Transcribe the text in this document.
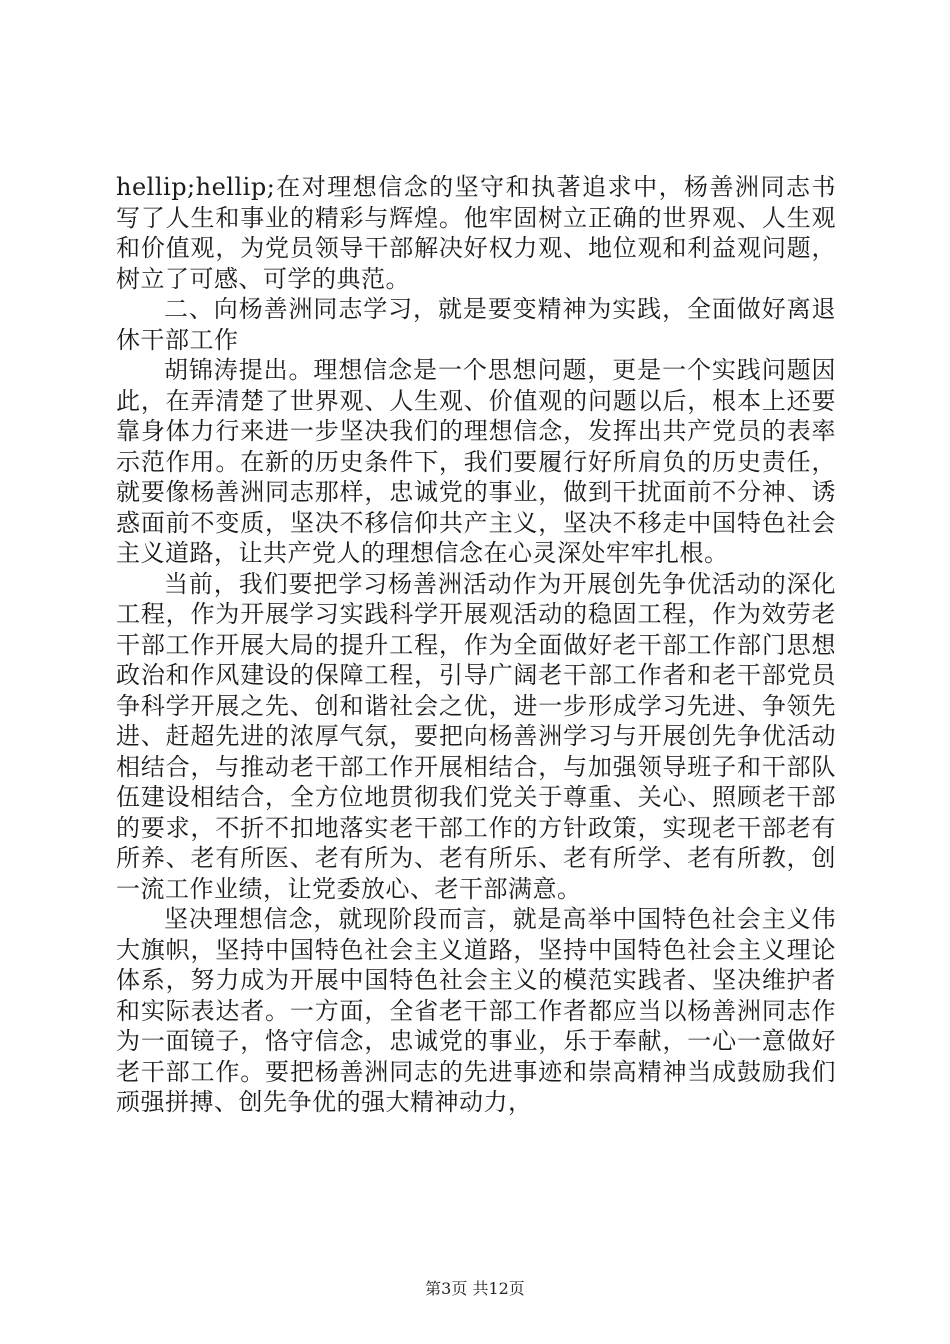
hellip;hellip;在对理想信念的坚守和执著追求中，杨善洲同志书写了人生和事业的精彩与辉煌。他牢固树立正确的世界观、人生观和价值观，为党员领导干部解决好权力观、地位观和利益观问题，树立了可感、可学的典范。

二、向杨善洲同志学习，就是要变精神为实践，全面做好离退休干部工作

胡锦涛提出。理想信念是一个思想问题，更是一个实践问题因此，在弄清楚了世界观、人生观、价值观的问题以后，根本上还要靠身体力行来进一步坚决我们的理想信念，发挥出共产党员的表率示范作用。在新的历史条件下，我们要履行好所肩负的历史责任，就要像杨善洲同志那样，忠诚党的事业，做到干扰面前不分神、诱惑面前不变质，坚决不移信仰共产主义，坚决不移走中国特色社会主义道路，让共产党人的理想信念在心灵深处牢牢扎根。

当前，我们要把学习杨善洲活动作为开展创先争优活动的深化工程，作为开展学习实践科学开展观活动的稳固工程，作为效劳老干部工作开展大局的提升工程，作为全面做好老干部工作部门思想政治和作风建设的保障工程，引导广阔老干部工作者和老干部党员争科学开展之先、创和谐社会之优，进一步形成学习先进、争领先进、赶超先进的浓厚气氛，要把向杨善洲学习与开展创先争优活动相结合，与推动老干部工作开展相结合，与加强领导班子和干部队伍建设相结合，全方位地贯彻我们党关于尊重、关心、照顾老干部的要求，不折不扣地落实老干部工作的方针政策，实现老干部老有所养、老有所医、老有所为、老有所乐、老有所学、老有所教，创一流工作业绩，让党委放心、老干部满意。

坚决理想信念，就现阶段而言，就是高举中国特色社会主义伟大旗帜，坚持中国特色社会主义道路，坚持中国特色社会主义理论体系，努力成为开展中国特色社会主义的模范实践者、坚决维护者和实际表达者。一方面，全省老干部工作者都应当以杨善洲同志作为一面镜子，恪守信念，忠诚党的事业，乐于奉献，一心一意做好老干部工作。要把杨善洲同志的先进事迹和崇高精神当成鼓励我们顽强拼搏、创先争优的强大精神动力，

第3页 共12页
